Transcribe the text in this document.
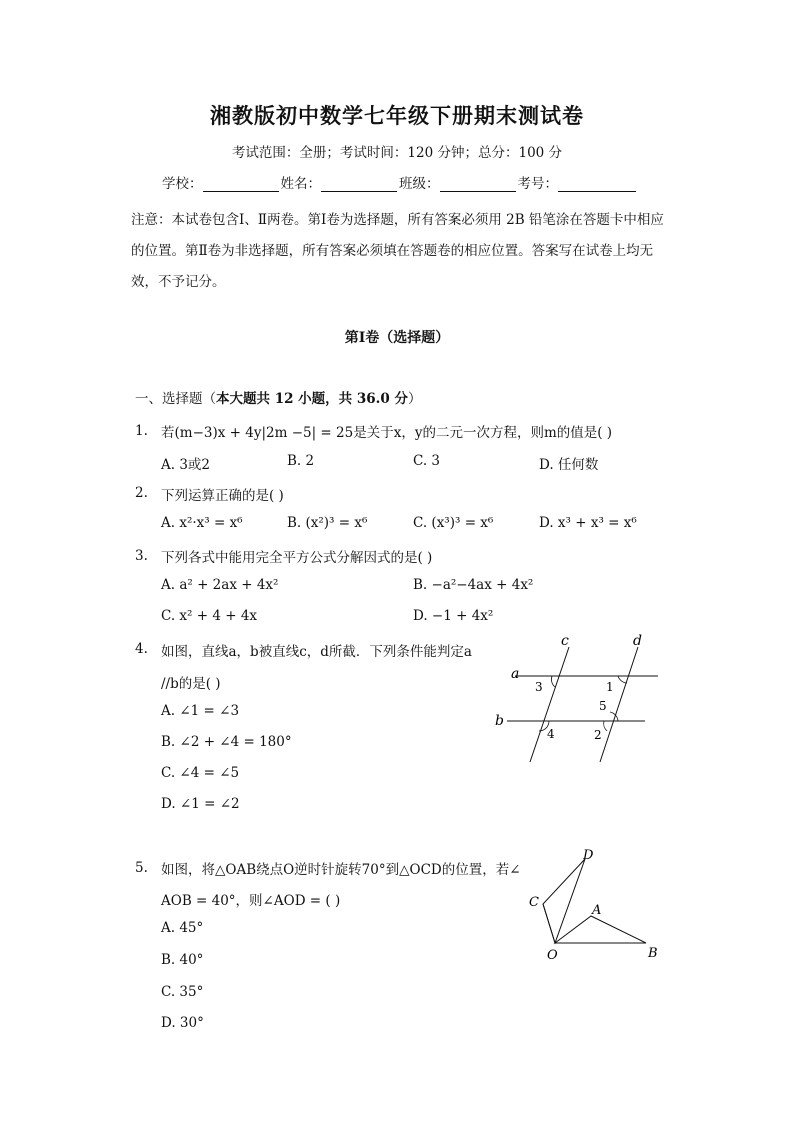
湘教版初中数学七年级下册期末测试卷
考试范围：全册；考试时间：120 分钟；总分：100 分
学校：	姓名：	班级：	考号：
注意：本试卷包含Ⅰ、Ⅱ两卷。第Ⅰ卷为选择题，所有答案必须用 2B 铅笔涂在答题卡中相应的位置。第Ⅱ卷为非选择题，所有答案必须填在答题卷的相应位置。答案写在试卷上均无效，不予记分。
第Ⅰ卷（选择题）
一、选择题（本大题共 12 小题，共 36.0 分）
1. 若(m−3)x + 4y|2m −5| = 25是关于x，y的二元一次方程，则m的值是( )
A. 3或2	B. 2	C. 3	D. 任何数
2. 下列运算正确的是( )
A. x²·x³ = x⁶	B. (x²)³ = x⁶	C. (x³)³ = x⁶	D. x³ + x³ = x⁶
3. 下列各式中能用完全平方公式分解因式的是( )
A. a² + 2ax + 4x²	B. −a²−4ax + 4x²
C. x² + 4 + 4x	D. −1 + 4x²
4. 如图，直线a，b被直线c，d所截．下列条件能判定a
//b的是( )
A. ∠1 = ∠3
B. ∠2 + ∠4 = 180°
C. ∠4 = ∠5
D. ∠1 = ∠2
c	d
a
b
1
2
3
4
5
5. 如图，将△OAB绕点O逆时针旋转70°到△OCD的位置，若∠
AOB = 40°，则∠AOD = ( )
A. 45°
B. 40°
C. 35°
D. 30°
D
C
A
O	B
